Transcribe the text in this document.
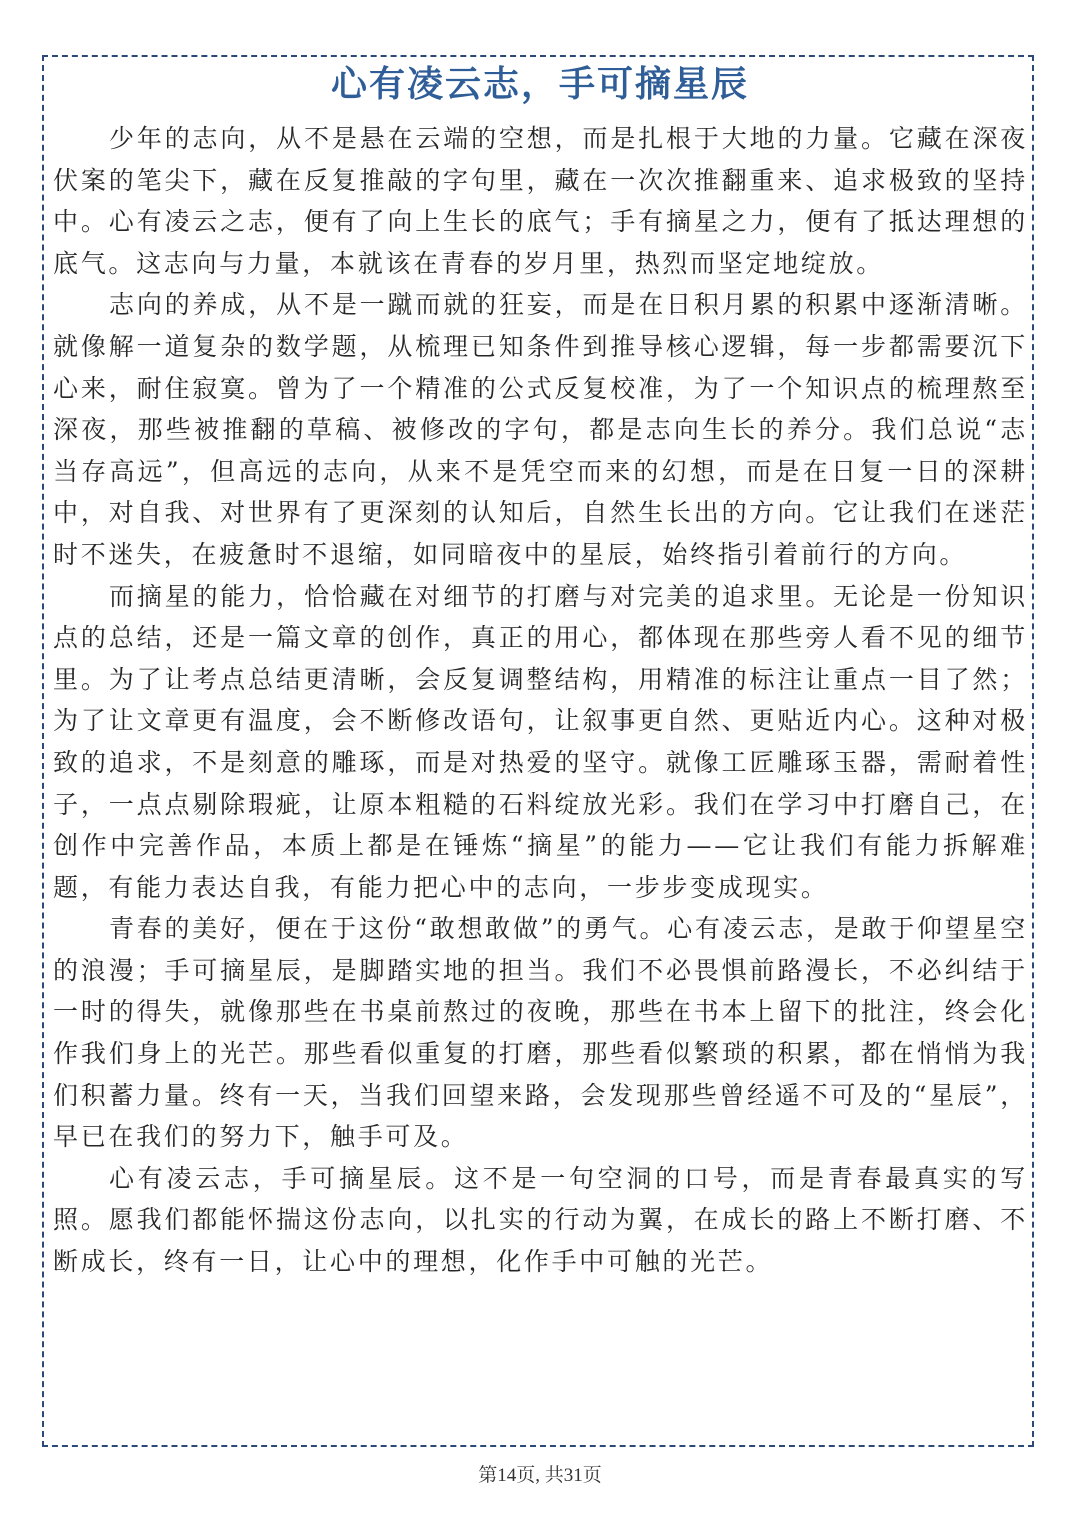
心有凌云志，手可摘星辰

少年的志向，从不是悬在云端的空想，而是扎根于大地的力量。它藏在深夜伏案的笔尖下，藏在反复推敲的字句里，藏在一次次推翻重来、追求极致的坚持中。心有凌云之志，便有了向上生长的底气；手有摘星之力，便有了抵达理想的底气。这志向与力量，本就该在青春的岁月里，热烈而坚定地绽放。

志向的养成，从不是一蹴而就的狂妄，而是在日积月累的积累中逐渐清晰。就像解一道复杂的数学题，从梳理已知条件到推导核心逻辑，每一步都需要沉下心来，耐住寂寞。曾为了一个精准的公式反复校准，为了一个知识点的梳理熬至深夜，那些被推翻的草稿、被修改的字句，都是志向生长的养分。我们总说“志当存高远”，但高远的志向，从来不是凭空而来的幻想，而是在日复一日的深耕中，对自我、对世界有了更深刻的认知后，自然生长出的方向。它让我们在迷茫时不迷失，在疲惫时不退缩，如同暗夜中的星辰，始终指引着前行的方向。

而摘星的能力，恰恰藏在对细节的打磨与对完美的追求里。无论是一份知识点的总结，还是一篇文章的创作，真正的用心，都体现在那些旁人看不见的细节里。为了让考点总结更清晰，会反复调整结构，用精准的标注让重点一目了然；为了让文章更有温度，会不断修改语句，让叙事更自然、更贴近内心。这种对极致的追求，不是刻意的雕琢，而是对热爱的坚守。就像工匠雕琢玉器，需耐着性子，一点点剔除瑕疵，让原本粗糙的石料绽放光彩。我们在学习中打磨自己，在创作中完善作品，本质上都是在锤炼“摘星”的能力——它让我们有能力拆解难题，有能力表达自我，有能力把心中的志向，一步步变成现实。

青春的美好，便在于这份“敢想敢做”的勇气。心有凌云志，是敢于仰望星空的浪漫；手可摘星辰，是脚踏实地的担当。我们不必畏惧前路漫长，不必纠结于一时的得失，就像那些在书桌前熬过的夜晚，那些在书本上留下的批注，终会化作我们身上的光芒。那些看似重复的打磨，那些看似繁琐的积累，都在悄悄为我们积蓄力量。终有一天，当我们回望来路，会发现那些曾经遥不可及的“星辰”，早已在我们的努力下，触手可及。

心有凌云志，手可摘星辰。这不是一句空洞的口号，而是青春最真实的写照。愿我们都能怀揣这份志向，以扎实的行动为翼，在成长的路上不断打磨、不断成长，终有一日，让心中的理想，化作手中可触的光芒。

第14页, 共31页
